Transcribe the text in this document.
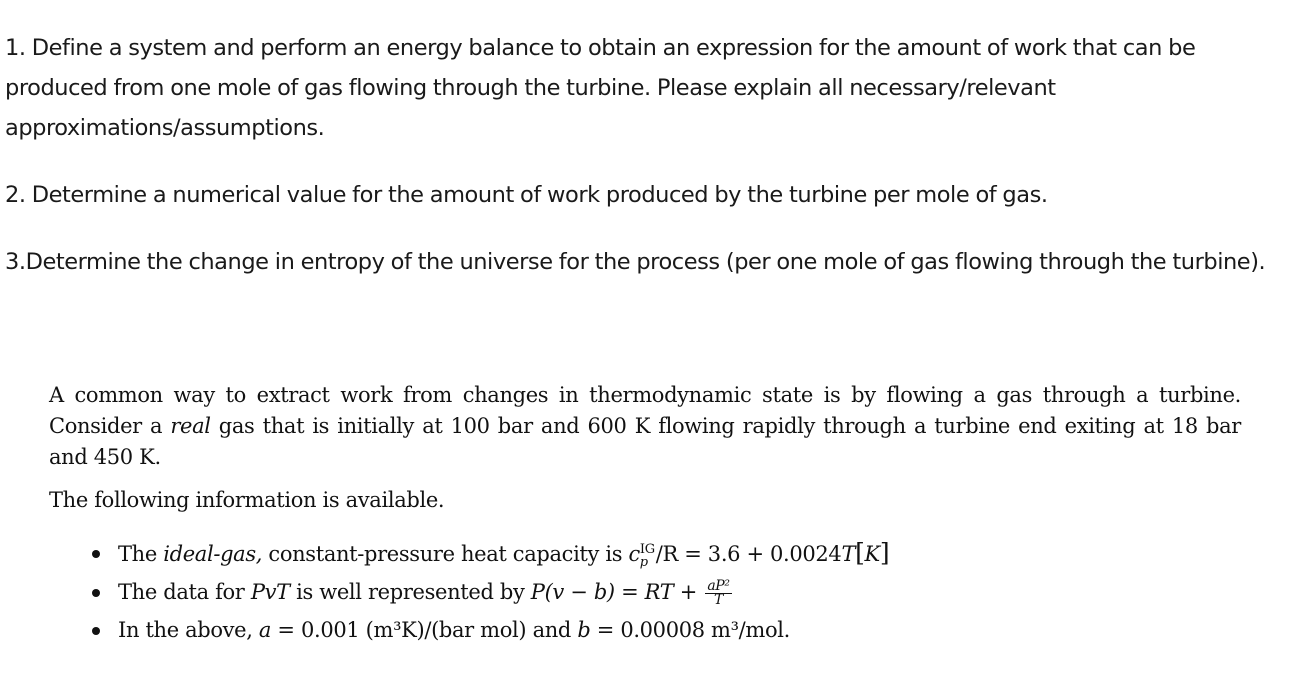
1. Define a system and perform an energy balance to obtain an expression for the amount of work that can be produced from one mole of gas flowing through the turbine. Please explain all necessary/relevant approximations/assumptions.

2. Determine a numerical value for the amount of work produced by the turbine per mole of gas.

3.Determine the change in entropy of the universe for the process (per one mole of gas flowing through the turbine).

A common way to extract work from changes in thermodynamic state is by flowing a gas through a turbine. Consider a real gas that is initially at 100 bar and 600 K flowing rapidly through a turbine end exiting at 18 bar and 450 K.

The following information is available.

The ideal-gas, constant-pressure heat capacity is $c^{IG}_p$ /R = 3.6 + 0.0024T[K]
The data for PvT is well represented by P(v − b) = RT + $\frac{\text{aP²}}{T}$
In the above, a = 0.001 (m³K)/(bar mol) and b = 0.00008 m³/mol.
